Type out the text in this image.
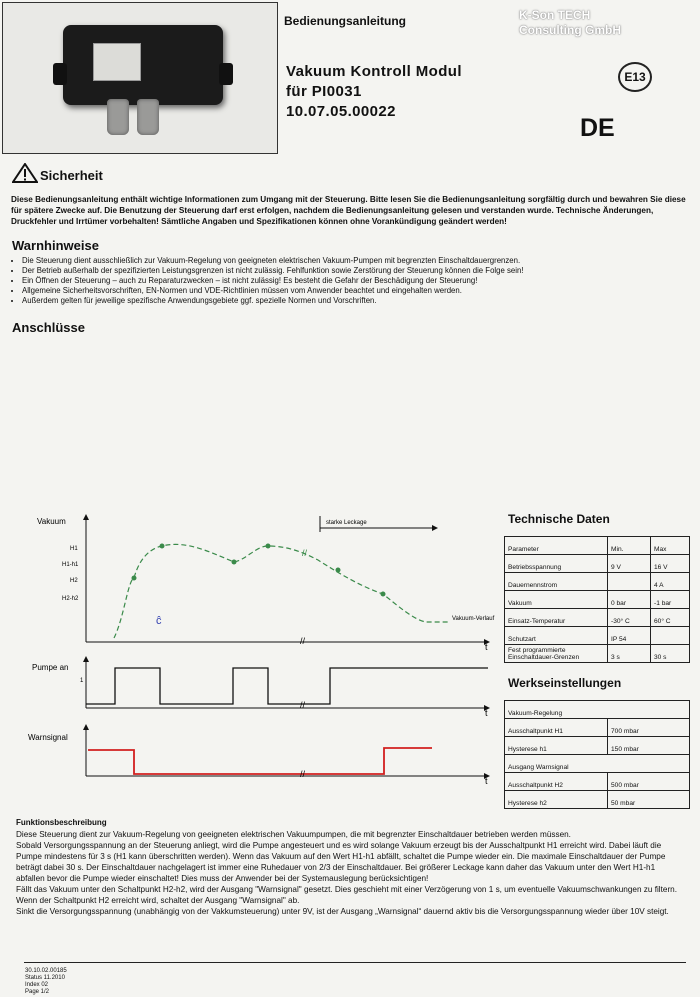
Bedienungsanleitung
Vakuum Kontroll Modul
für PI0031
10.07.05.00022
K-Son TECH
Consulting GmbH
E13
DE
Sicherheit
Diese Bedienungsanleitung enthält wichtige Informationen zum Umgang mit der Steuerung. Bitte lesen Sie die Bedienungsanleitung sorgfältig durch und bewahren Sie diese für spätere Zwecke auf. Die Benutzung der Steuerung darf erst erfolgen, nachdem die Bedienungsanleitung gelesen und verstanden wurde. Technische Änderungen, Druckfehler und Irrtümer vorbehalten! Sämtliche Angaben und Spezifikationen können ohne Vorankündigung geändert werden!
Warnhinweise
• Die Steuerung dient ausschließlich zur Vakuum-Regelung von geeigneten elektrischen Vakuum-Pumpen mit begrenzten Einschaltdauergrenzen.
• Der Betrieb außerhalb der spezifizierten Leistungsgrenzen ist nicht zulässig. Fehlfunktion sowie Zerstörung der Steuerung können die Folge sein!
• Ein Öffnen der Steuerung – auch zu Reparaturzwecken – ist nicht zulässig! Es besteht die Gefahr der Beschädigung der Steuerung!
• Allgemeine Sicherheitsvorschriften, EN-Normen und VDE-Richtlinien müssen vom Anwender beachtet und eingehalten werden.
• Außerdem gelten für jeweilige spezifische Anwendungsgebiete ggf. spezielle Normen und Vorschriften.
Anschlüsse
Vakuum
t
H1
H1-h1
H2
H2-h2
Vakuum-Verlauf
ĉ
starke Leckage
//
//
Pumpe an
t
1
//
Warnsignal
t
//
Technische Daten
Parameter	Min.	Max
Betriebsspannung	9 V	16 V
Dauernennstrom		4 A
Vakuum	0 bar	-1 bar
Einsatz-Temperatur	-30° C	60° C
Schutzart	IP 54	
Fest programmierte Einschaltdauer-Grenzen	3 s	30 s
Werkseinstellungen
Vakuum-Regelung	
Ausschaltpunkt H1	700 mbar
Hysterese h1	150 mbar
Ausgang Warnsignal	
Ausschaltpunkt H2	500 mbar
Hysterese h2	50 mbar
Funktionsbeschreibung
Diese Steuerung dient zur Vakuum-Regelung von geeigneten elektrischen Vakuumpumpen, die mit begrenzter Einschaltdauer betrieben werden müssen.
Sobald Versorgungsspannung an der Steuerung anliegt, wird die Pumpe angesteuert und es wird solange Vakuum erzeugt bis der Ausschaltpunkt H1 erreicht wird. Dabei läuft die Pumpe mindestens für 3 s (H1 kann überschritten werden). Wenn das Vakuum auf den Wert H1-h1 abfällt, schaltet die Pumpe wieder ein. Die maximale Einschaltdauer der Pumpe beträgt dabei 30 s. Der Einschaltdauer nachgelagert ist immer eine Ruhedauer von 2/3 der Einschaltdauer. Bei größerer Leckage kann daher das Vakuum unter den Wert H1-h1 abfallen bevor die Pumpe wieder einschaltet! Dies muss der Anwender bei der Systemauslegung berücksichtigen!
Fällt das Vakuum unter den Schaltpunkt H2-h2, wird der Ausgang "Warnsignal" gesetzt. Dies geschieht mit einer Verzögerung von 1 s, um eventuelle Vakuumschwankungen zu filtern. Wenn der Schaltpunkt H2 erreicht wird, schaltet der Ausgang "Warnsignal" ab.
Sinkt die Versorgungsspannung (unabhängig von der Vakkumsteuerung) unter 9V, ist der Ausgang „Warnsignal“ dauernd aktiv bis die Versorgungsspannung wieder über 10V steigt.
30.10.02.00185
Status 11.2010
Index 02
Page 1/2
